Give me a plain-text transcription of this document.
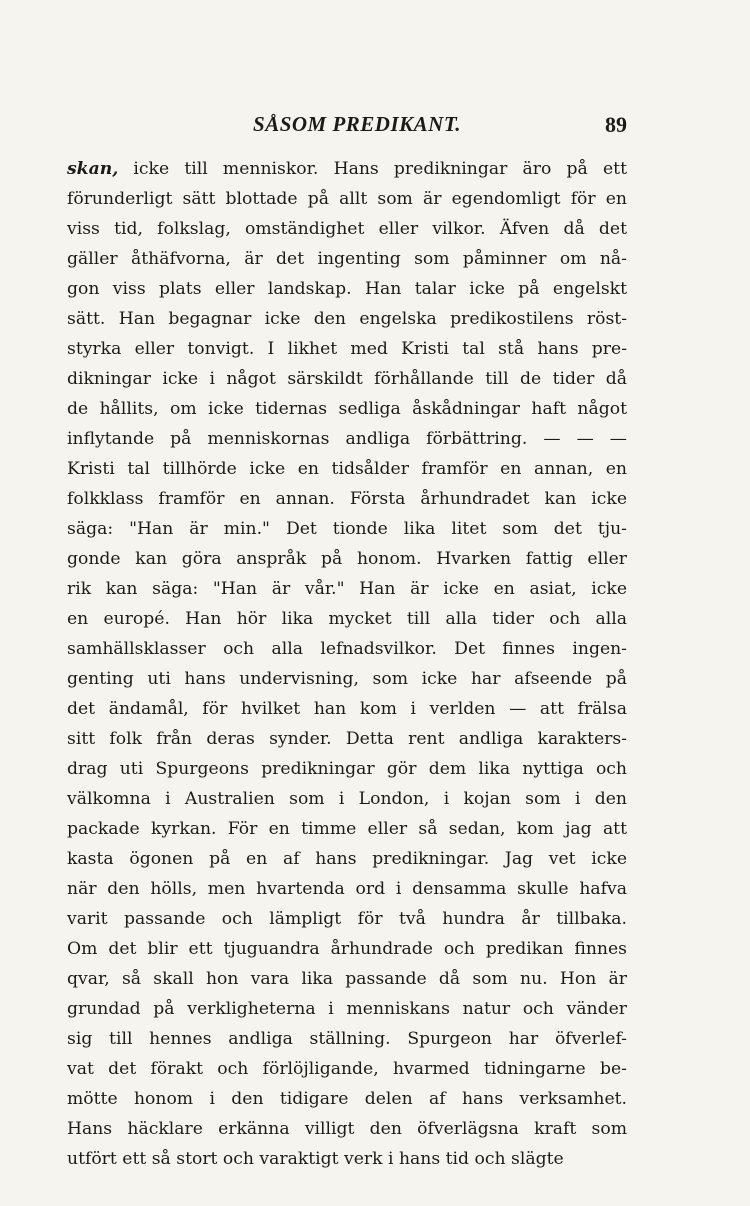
SÅSOM PREDIKANT.	89
skan, icke till menniskor. Hans predikningar äro på ett
förunderligt sätt blottade på allt som är egendomligt för en
viss tid, folkslag, omständighet eller vilkor. Äfven då det
gäller åthäfvorna, är det ingenting som påminner om nå-
gon viss plats eller landskap. Han talar icke på engelskt
sätt. Han begagnar icke den engelska predikostilens röst-
styrka eller tonvigt. I likhet med Kristi tal stå hans pre-
dikningar icke i något särskildt förhållande till de tider då
de hållits, om icke tidernas sedliga åskådningar haft något
inflytande på menniskornas andliga förbättring. — — —
Kristi tal tillhörde icke en tidsålder framför en annan, en
folkklass framför en annan. Första århundradet kan icke
säga: "Han är min." Det tionde lika litet som det tju-
gonde kan göra anspråk på honom. Hvarken fattig eller
rik kan säga: "Han är vår." Han är icke en asiat, icke
en europé. Han hör lika mycket till alla tider och alla
samhällsklasser och alla lefnadsvilkor. Det finnes ingen-
genting uti hans undervisning, som icke har afseende på
det ändamål, för hvilket han kom i verlden — att frälsa
sitt folk från deras synder. Detta rent andliga karakters-
drag uti Spurgeons predikningar gör dem lika nyttiga och
välkomna i Australien som i London, i kojan som i den
packade kyrkan. För en timme eller så sedan, kom jag att
kasta ögonen på en af hans predikningar. Jag vet icke
när den hölls, men hvartenda ord i densamma skulle hafva
varit passande och lämpligt för två hundra år tillbaka.
Om det blir ett tjuguandra århundrade och predikan finnes
qvar, så skall hon vara lika passande då som nu. Hon är
grundad på verkligheterna i menniskans natur och vänder
sig till hennes andliga ställning. Spurgeon har öfverlef-
vat det förakt och förlöjligande, hvarmed tidningarne be-
mötte honom i den tidigare delen af hans verksamhet.
Hans häcklare erkänna villigt den öfverlägsna kraft som
utfört ett så stort och varaktigt verk i hans tid och slägte
